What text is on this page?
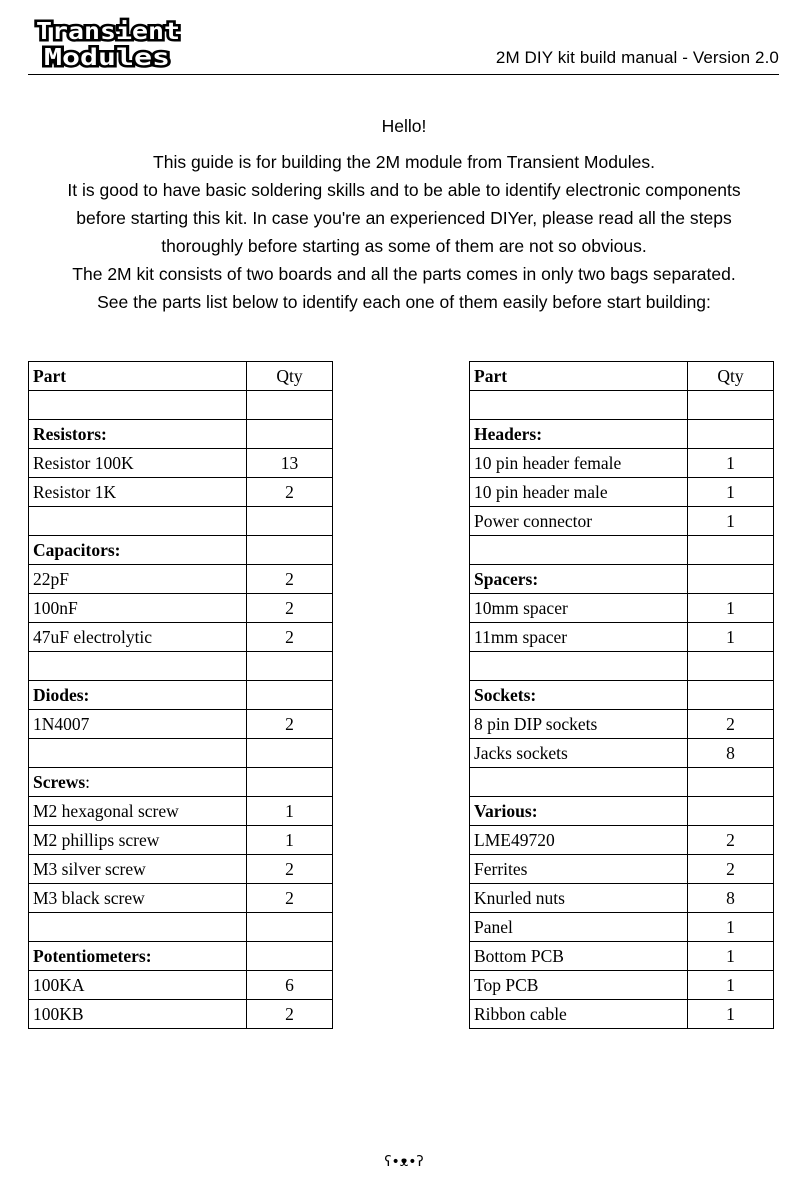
Transient
Modules	2M DIY kit build manual - Version 2.0

Hello!

This guide is for building the 2M module from Transient Modules.

It is good to have basic soldering skills and to be able to identify electronic components

before starting this kit. In case you're an experienced DIYer, please read all the steps

thoroughly before starting as some of them are not so obvious.

The 2M kit consists of two boards and all the parts comes in only two bags separated.

See the parts list below to identify each one of them easily before start building:

Part	Qty

Resistors:	
Resistor 100K	13
Resistor 1K	2

Capacitors:	
22pF	2
100nF	2
47uF electrolytic	2

Diodes:	
1N4007	2

Screws:	
M2 hexagonal screw	1
M2 phillips screw	1
M3 silver screw	2
M3 black screw	2

Potentiometers:	
100KA	6
100KB	2
Part	Qty

Headers:	
10 pin header female	1
10 pin header male	1
Power connector	1

Spacers:	
10mm spacer	1
11mm spacer	1

Sockets:	
8 pin DIP sockets	2
Jacks sockets	8

Various:	
LME49720	2
Ferrites	2
Knurled nuts	8
Panel	1
Bottom PCB	1
Top PCB	1
Ribbon cable	1
ʕ•ᴥ•ʔ
